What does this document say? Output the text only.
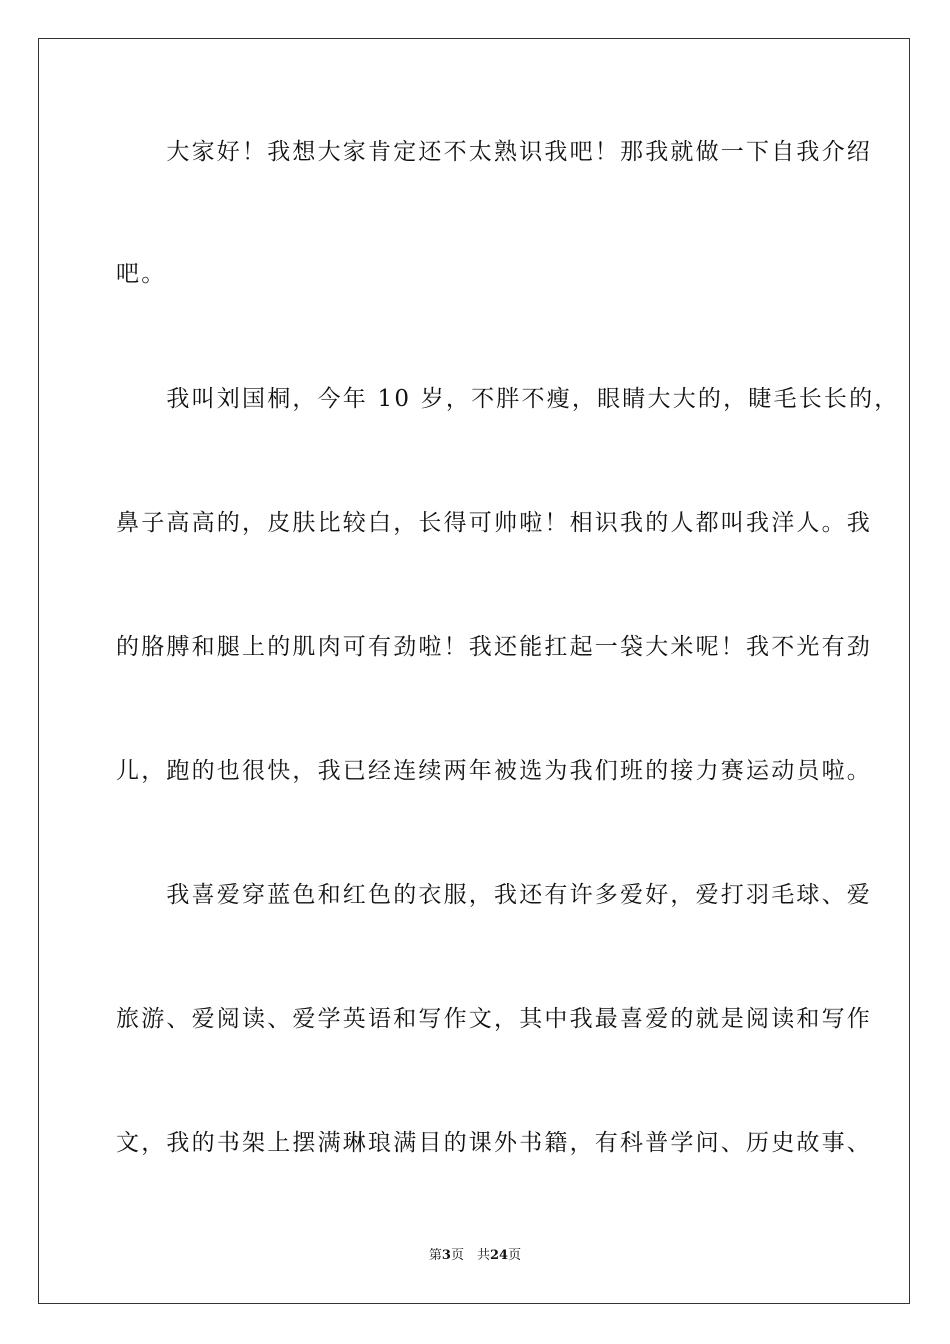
　　大家好！我想大家肯定还不太熟识我吧！那我就做一下自我介绍
吧。
　　我叫刘国桐，今年 10 岁，不胖不瘦，眼睛大大的，睫毛长长的，
鼻子高高的，皮肤比较白，长得可帅啦！相识我的人都叫我洋人。我
的胳膊和腿上的肌肉可有劲啦！我还能扛起一袋大米呢！我不光有劲
儿，跑的也很快，我已经连续两年被选为我们班的接力赛运动员啦。
　　我喜爱穿蓝色和红色的衣服，我还有许多爱好，爱打羽毛球、爱
旅游、爱阅读、爱学英语和写作文，其中我最喜爱的就是阅读和写作
文，我的书架上摆满琳琅满目的课外书籍，有科普学问、历史故事、
第3页　共24页
